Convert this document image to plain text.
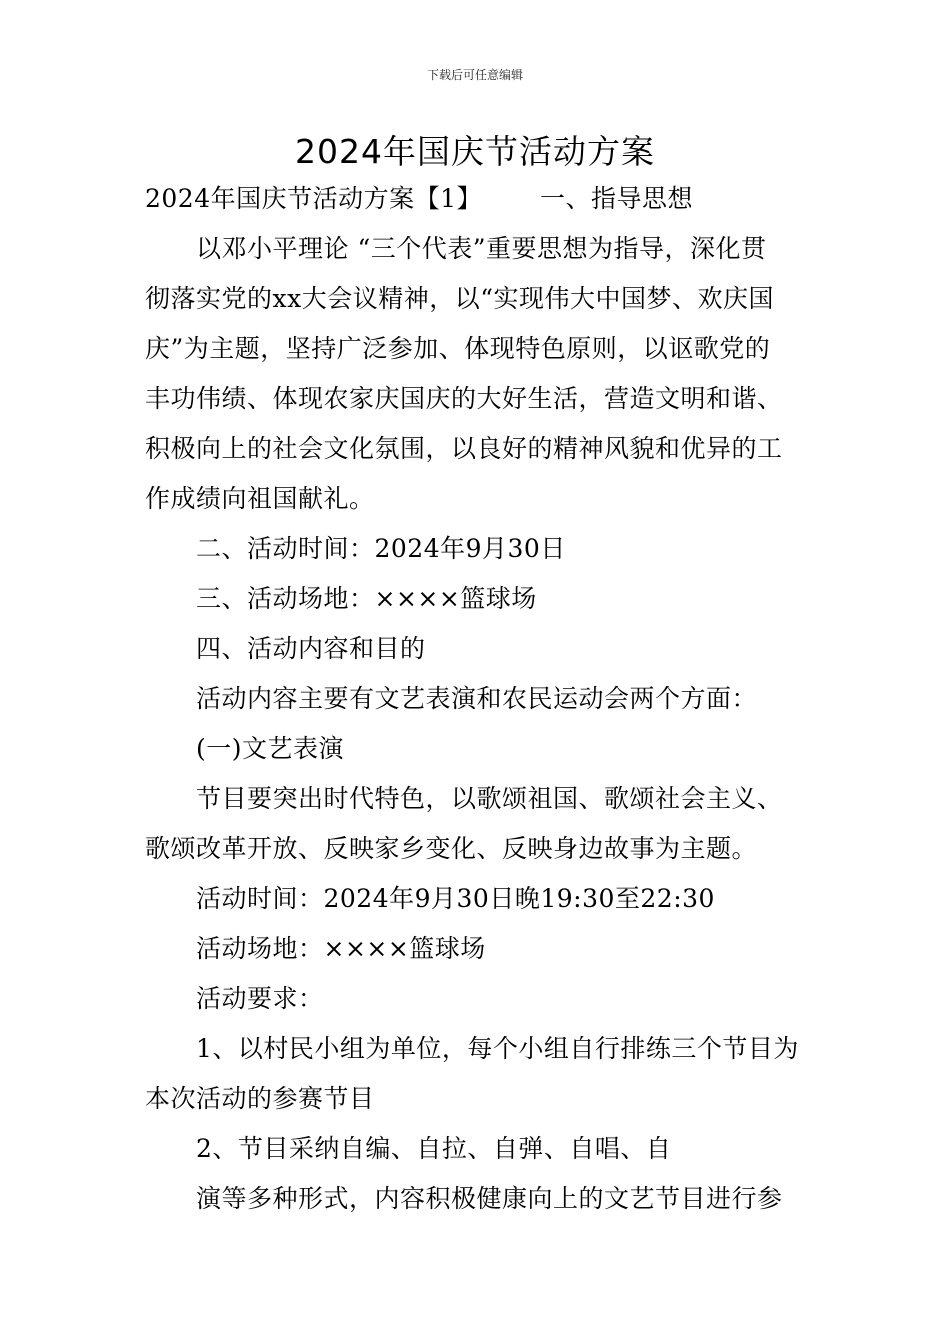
下载后可任意编辑
2024年国庆节活动方案
2024年国庆节活动方案【1】 一、指导思想
以邓小平理论 “三个代表”重要思想为指导，深化贯
彻落实党的xx大会议精神，以“实现伟大中国梦、欢庆国
庆”为主题，坚持广泛参加、体现特色原则，以讴歌党的
丰功伟绩、体现农家庆国庆的大好生活，营造文明和谐、
积极向上的社会文化氛围，以良好的精神风貌和优异的工
作成绩向祖国献礼。
二、活动时间：2024年9月30日
三、活动场地：××××篮球场
四、活动内容和目的
活动内容主要有文艺表演和农民运动会两个方面：
(一)文艺表演
节目要突出时代特色，以歌颂祖国、歌颂社会主义、
歌颂改革开放、反映家乡变化、反映身边故事为主题。
活动时间：2024年9月30日晚19:30至22:30
活动场地：××××篮球场
活动要求：
1、以村民小组为单位，每个小组自行排练三个节目为
本次活动的参赛节目
2、节目采纳自编、自拉、自弹、自唱、自
演等多种形式，内容积极健康向上的文艺节目进行参
